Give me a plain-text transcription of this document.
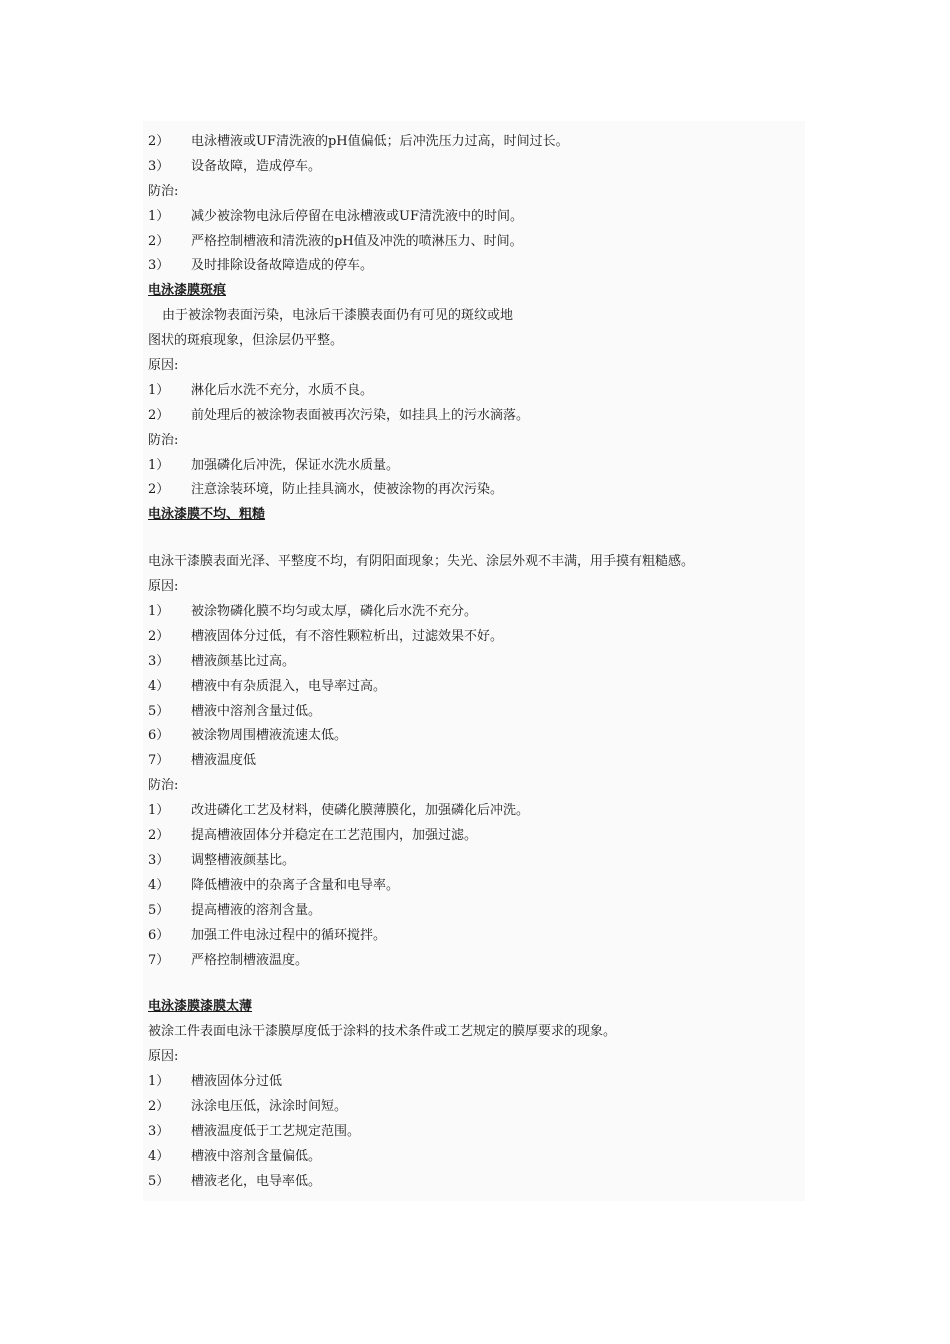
2） 电泳槽液或UF清洗液的pH值偏低；后冲洗压力过高，时间过长。
3） 设备故障，造成停车。
防治:
1） 减少被涂物电泳后停留在电泳槽液或UF清洗液中的时间。
2） 严格控制槽液和清洗液的pH值及冲洗的喷淋压力、时间。
3） 及时排除设备故障造成的停车。
电泳漆膜斑痕
由于被涂物表面污染，电泳后干漆膜表面仍有可见的斑纹或地
图状的斑痕现象，但涂层仍平整。
原因:
1） 淋化后水洗不充分，水质不良。
2） 前处理后的被涂物表面被再次污染，如挂具上的污水滴落。
防治:
1） 加强磷化后冲洗，保证水洗水质量。
2） 注意涂装环境，防止挂具滴水，使被涂物的再次污染。
电泳漆膜不均、粗糙
电泳干漆膜表面光泽、平整度不均，有阴阳面现象；失光、涂层外观不丰满，用手摸有粗糙感。
原因:
1） 被涂物磷化膜不均匀或太厚，磷化后水洗不充分。
2） 槽液固体分过低，有不溶性颗粒析出，过滤效果不好。
3） 槽液颜基比过高。
4） 槽液中有杂质混入，电导率过高。
5） 槽液中溶剂含量过低。
6） 被涂物周围槽液流速太低。
7） 槽液温度低
防治:
1） 改进磷化工艺及材料，使磷化膜薄膜化，加强磷化后冲洗。
2） 提高槽液固体分并稳定在工艺范围内，加强过滤。
3） 调整槽液颜基比。
4） 降低槽液中的杂离子含量和电导率。
5） 提高槽液的溶剂含量。
6） 加强工件电泳过程中的循环搅拌。
7） 严格控制槽液温度。
电泳漆膜漆膜太薄
被涂工件表面电泳干漆膜厚度低于涂料的技术条件或工艺规定的膜厚要求的现象。
原因:
1） 槽液固体分过低
2） 泳涂电压低，泳涂时间短。
3） 槽液温度低于工艺规定范围。
4） 槽液中溶剂含量偏低。
5） 槽液老化，电导率低。
